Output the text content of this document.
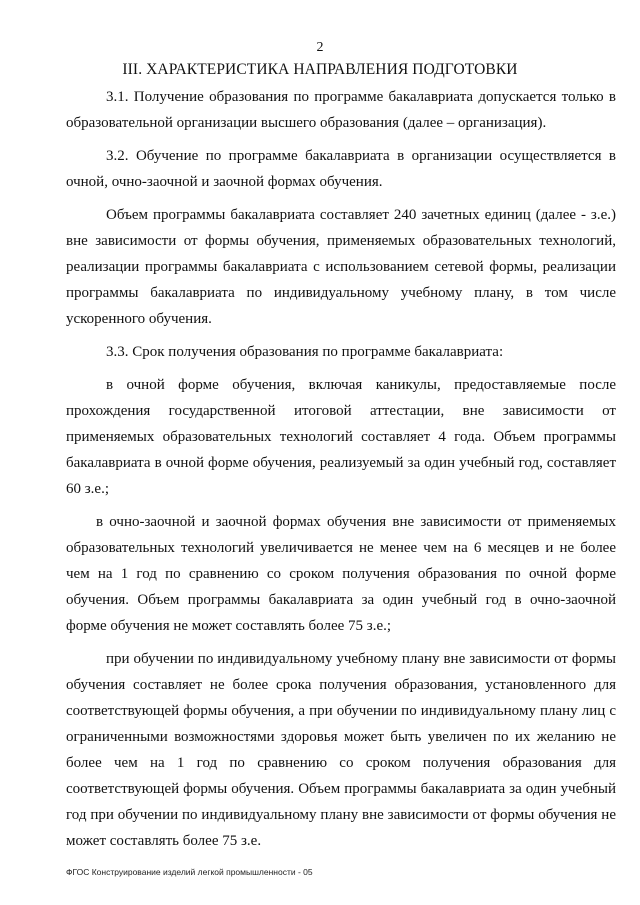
2
III. ХАРАКТЕРИСТИКА НАПРАВЛЕНИЯ ПОДГОТОВКИ

3.1. Получение образования по программе бакалавриата допускается только в образовательной организации высшего образования (далее – организация).

3.2. Обучение по программе бакалавриата в организации осуществляется в очной, очно-заочной и заочной формах обучения.

Объем программы бакалавриата составляет 240 зачетных единиц (далее - з.е.) вне зависимости от формы обучения, применяемых образовательных технологий, реализации программы бакалавриата с использованием сетевой формы, реализации программы бакалавриата по индивидуальному учебному плану, в том числе ускоренного обучения.

3.3. Срок получения образования по программе бакалавриата:

в очной форме обучения, включая каникулы, предоставляемые после прохождения государственной итоговой аттестации, вне зависимости от применяемых образовательных технологий составляет 4 года. Объем программы бакалавриата в очной форме обучения, реализуемый за один учебный год, составляет 60 з.е.;

в очно-заочной и заочной формах обучения вне зависимости от применяемых образовательных технологий увеличивается не менее чем на 6 месяцев и не более чем на 1 год по сравнению со сроком получения образования по очной форме обучения. Объем программы бакалавриата за один учебный год в очно-заочной форме обучения не может составлять более 75 з.е.;

при обучении по индивидуальному учебному плану вне зависимости от формы обучения составляет не более срока получения образования, установленного для соответствующей формы обучения, а при обучении по индивидуальному плану лиц с ограниченными возможностями здоровья может быть увеличен по их желанию не более чем на 1 год по сравнению со сроком получения образования для соответствующей формы обучения. Объем программы бакалавриата за один учебный год при обучении по индивидуальному плану вне зависимости от формы обучения не может составлять более 75 з.е.

ФГОС Конструирование изделий легкой промышленности - 05
